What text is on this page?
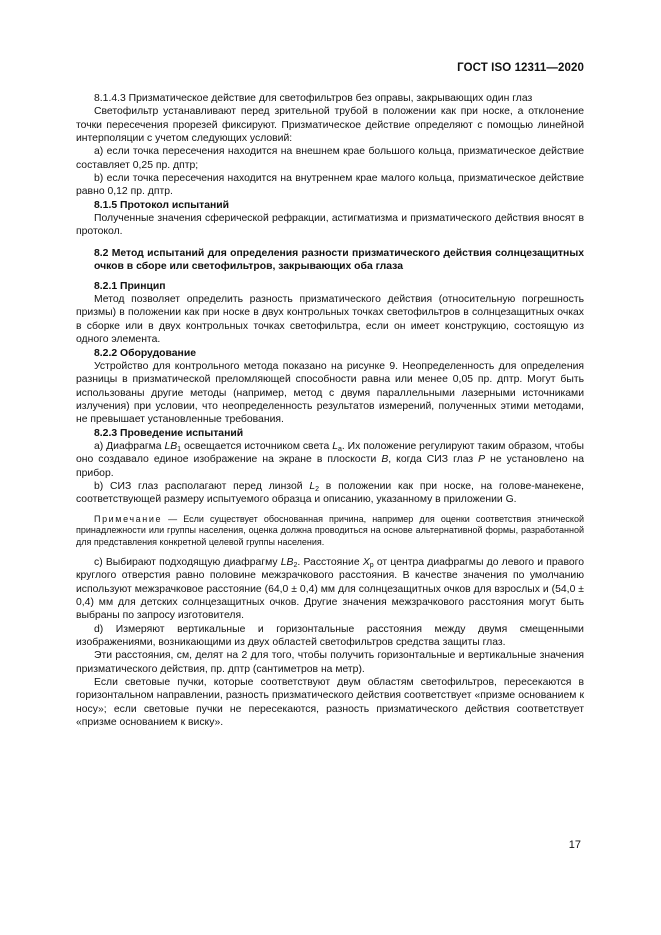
ГОСТ ISO 12311—2020

8.1.4.3 Призматическое действие для светофильтров без оправы, закрывающих один глаз

Светофильтр устанавливают перед зрительной трубой в положении как при носке, а отклонение точки пересечения прорезей фиксируют. Призматическое действие определяют с помощью линейной интерполяции с учетом следующих условий:

a) если точка пересечения находится на внешнем крае большого кольца, призматическое действие составляет 0,25 пр. дптр;

b) если точка пересечения находится на внутреннем крае малого кольца, призматическое действие равно 0,12 пр. дптр.

8.1.5 Протокол испытаний

Полученные значения сферической рефракции, астигматизма и призматического действия вносят в протокол.

8.2 Метод испытаний для определения разности призматического действия солнцезащитных очков в сборе или светофильтров, закрывающих оба глаза

8.2.1 Принцип

Метод позволяет определить разность призматического действия (относительную погрешность призмы) в положении как при носке в двух контрольных точках светофильтров в солнцезащитных очках в сборке или в двух контрольных точках светофильтра, если он имеет конструкцию, состоящую из одного элемента.

8.2.2 Оборудование

Устройство для контрольного метода показано на рисунке 9. Неопределенность для определения разницы в призматической преломляющей способности равна или менее 0,05 пр. дптр. Могут быть использованы другие методы (например, метод с двумя параллельными лазерными источниками излучения) при условии, что неопределенность результатов измерений, полученных этими методами, не превышает установленные требования.

8.2.3 Проведение испытаний

a) Диафрагма $LB_1$ освещается источником света $L_a$. Их положение регулируют таким образом, чтобы оно создавало единое изображение на экране в плоскости B, когда СИЗ глаз P не установлено на прибор.

b) СИЗ глаз располагают перед линзой $L_2$ в положении как при носке, на голове-манекене, соответствующей размеру испытуемого образца и описанию, указанному в приложении G.

Примечание — Если существует обоснованная причина, например для оценки соответствия этнической принадлежности или группы населения, оценка должна проводиться на основе альтернативной формы, разработанной для представления конкретной целевой группы населения.

c) Выбирают подходящую диафрагму $LB_2$. Расстояние $X_p$ от центра диафрагмы до левого и правого круглого отверстия равно половине межзрачкового расстояния. В качестве значения по умолчанию используют межзрачковое расстояние (64,0 ± 0,4) мм для солнцезащитных очков для взрослых и (54,0 ± 0,4) мм для детских солнцезащитных очков. Другие значения межзрачкового расстояния могут быть выбраны по запросу изготовителя.

d) Измеряют вертикальные и горизонтальные расстояния между двумя смещенными изображениями, возникающими из двух областей светофильтров средства защиты глаз.

Эти расстояния, см, делят на 2 для того, чтобы получить горизонтальные и вертикальные значения призматического действия, пр. дптр (сантиметров на метр).

Если световые пучки, которые соответствуют двум областям светофильтров, пересекаются в горизонтальном направлении, разность призматического действия соответствует «призме основанием к носу»; если световые пучки не пересекаются, разность призматического действия соответствует «призме основанием к виску».

17
